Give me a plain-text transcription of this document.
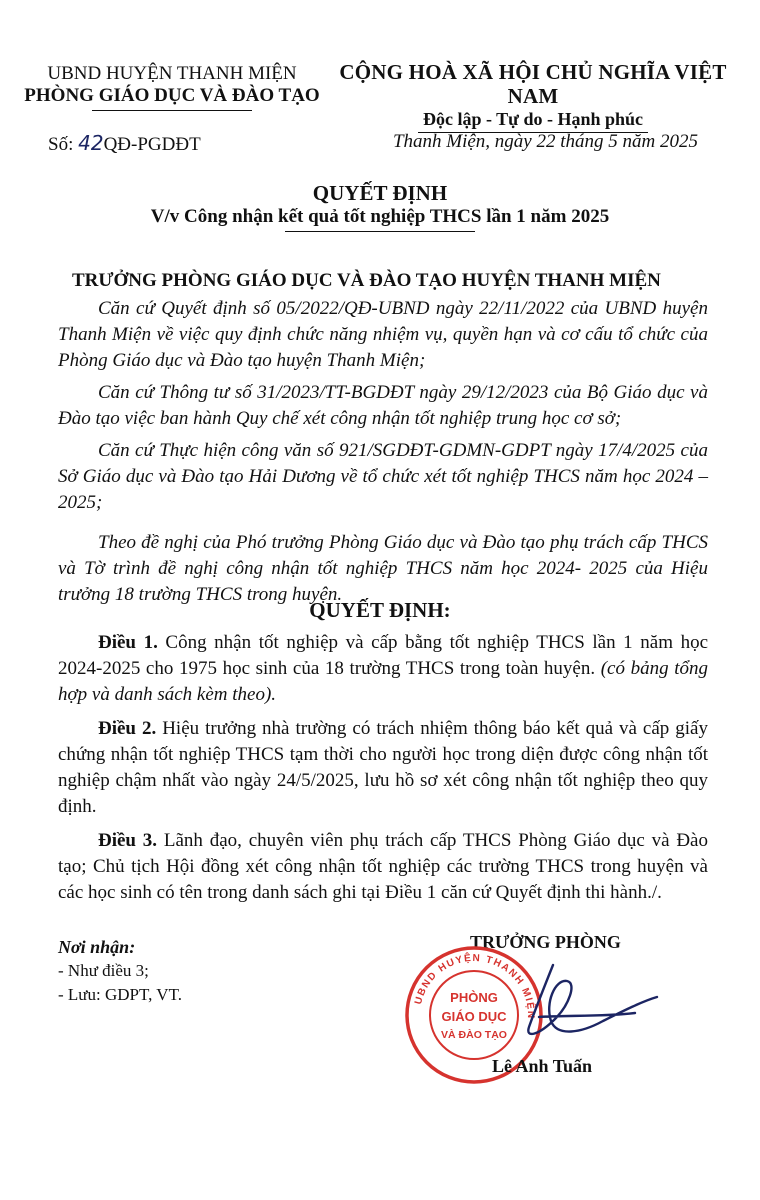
UBND HUYỆN THANH MIỆN
PHÒNG GIÁO DỤC VÀ ĐÀO TẠO
CỘNG HOÀ XÃ HỘI CHỦ NGHĨA VIỆT NAM
Độc lập - Tự do - Hạnh phúc
Số: 42QĐ-PGDĐT	Thanh Miện, ngày 22 tháng 5 năm 2025
QUYẾT ĐỊNH
V/v Công nhận kết quả tốt nghiệp THCS lần 1 năm 2025
TRƯỞNG PHÒNG GIÁO DỤC VÀ ĐÀO TẠO HUYỆN THANH MIỆN

Căn cứ Quyết định số 05/2022/QĐ-UBND ngày 22/11/2022 của UBND huyện Thanh Miện về việc quy định chức năng nhiệm vụ, quyền hạn và cơ cấu tổ chức của Phòng Giáo dục và Đào tạo huyện Thanh Miện;

Căn cứ Thông tư số 31/2023/TT-BGDĐT ngày 29/12/2023 của Bộ Giáo dục và Đào tạo việc ban hành Quy chế xét công nhận tốt nghiệp trung học cơ sở;

Căn cứ Thực hiện công văn số 921/SGDĐT-GDMN-GDPT ngày 17/4/2025 của Sở Giáo dục và Đào tạo Hải Dương về tổ chức xét tốt nghiệp THCS năm học 2024 – 2025;

Theo đề nghị của Phó trưởng Phòng Giáo dục và Đào tạo phụ trách cấp THCS và Tờ trình đề nghị công nhận tốt nghiệp THCS năm học 2024- 2025 của Hiệu trưởng 18 trường THCS trong huyện.

QUYẾT ĐỊNH:

Điều 1. Công nhận tốt nghiệp và cấp bằng tốt nghiệp THCS lần 1 năm học 2024-2025 cho 1975 học sinh của 18 trường THCS trong toàn huyện. (có bảng tổng hợp và danh sách kèm theo).

Điều 2. Hiệu trưởng nhà trường có trách nhiệm thông báo kết quả và cấp giấy chứng nhận tốt nghiệp THCS tạm thời cho người học trong diện được công nhận tốt nghiệp chậm nhất vào ngày 24/5/2025, lưu hồ sơ xét công nhận tốt nghiệp theo quy định.

Điều 3. Lãnh đạo, chuyên viên phụ trách cấp THCS Phòng Giáo dục và Đào tạo; Chủ tịch Hội đồng xét công nhận tốt nghiệp các trường THCS trong huyện và các học sinh có tên trong danh sách ghi tại Điều 1 căn cứ Quyết định thi hành./.

Nơi nhận:
- Như điều 3;
- Lưu: GDPT, VT.
TRƯỞNG PHÒNG
UBND HUYỆN THANH MIỆN
PHÒNG
GIÁO DỤC
VÀ ĐÀO TẠO
Lê Anh Tuấn
